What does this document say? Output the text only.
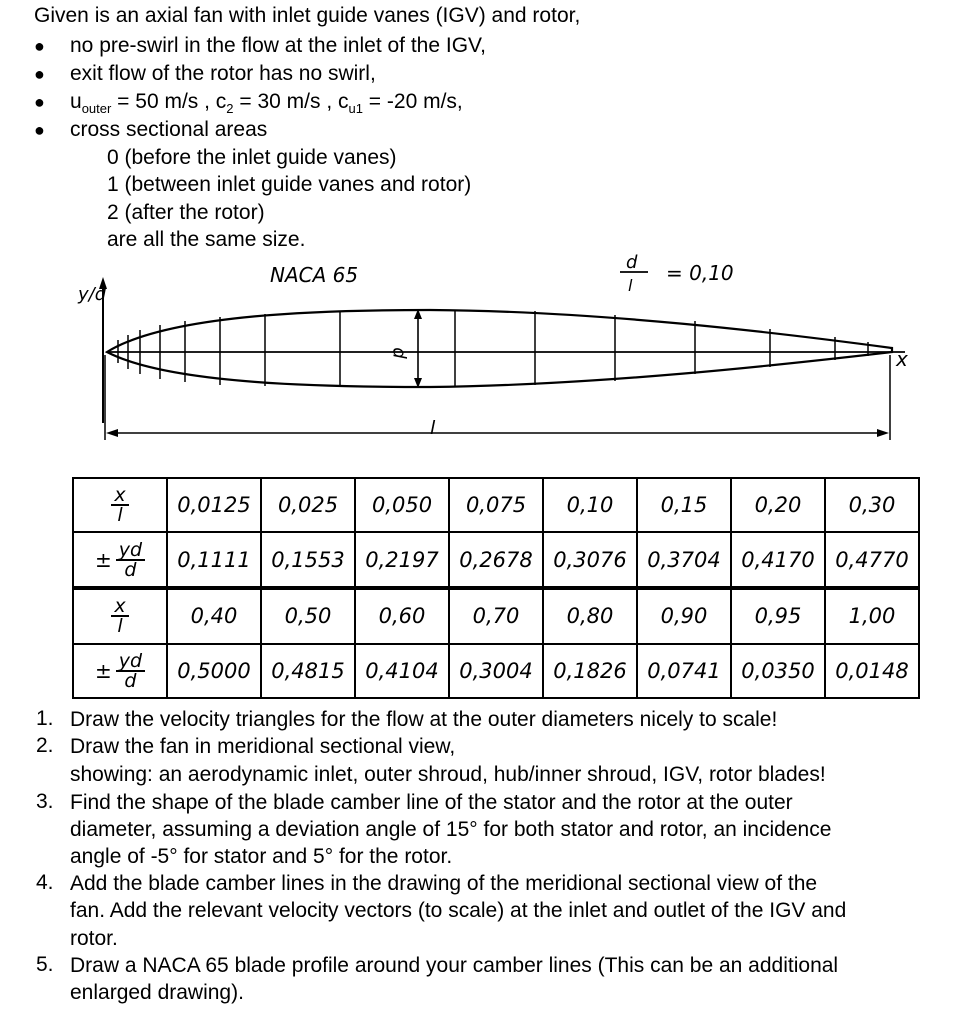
Given is an axial fan with inlet guide vanes (IGV) and rotor,

● no pre-swirl in the flow at the inlet of the IGV,

● exit flow of the rotor has no swirl,

● $u_{outer} = 50$ m/s , $c_2 = 30$ m/s , $c_{u1} = -20$ m/s,

● cross sectional areas

0 (before the inlet guide vanes)

1 (between inlet guide vanes and rotor)

2 (after the rotor)

are all the same size.

y/d
NACA 65
d
l
= 0,10
d	x
l
$\frac{x}{l}$	0,0125	0,025	0,050	0,075	0,10	0,15	0,20	0,30
± $\frac{yd}{d}$	0,1111	0,1553	0,2197	0,2678	0,3076	0,3704	0,4170	0,4770

$\frac{x}{l}$	0,40	0,50	0,60	0,70	0,80	0,90	0,95	1,00
± $\frac{yd}{d}$	0,5000	0,4815	0,4104	0,3004	0,1826	0,0741	0,0350	0,0148
1. Draw the velocity triangles for the flow at the outer diameters nicely to scale!

2. Draw the fan in meridional sectional view,

showing: an aerodynamic inlet, outer shroud, hub/inner shroud, IGV, rotor blades!

3. Find the shape of the blade camber line of the stator and the rotor at the outer

diameter, assuming a deviation angle of 15° for both stator and rotor, an incidence

angle of -5° for stator and 5° for the rotor.

4. Add the blade camber lines in the drawing of the meridional sectional view of the

fan. Add the relevant velocity vectors (to scale) at the inlet and outlet of the IGV and

rotor.

5. Draw a NACA 65 blade profile around your camber lines (This can be an additional

enlarged drawing).
